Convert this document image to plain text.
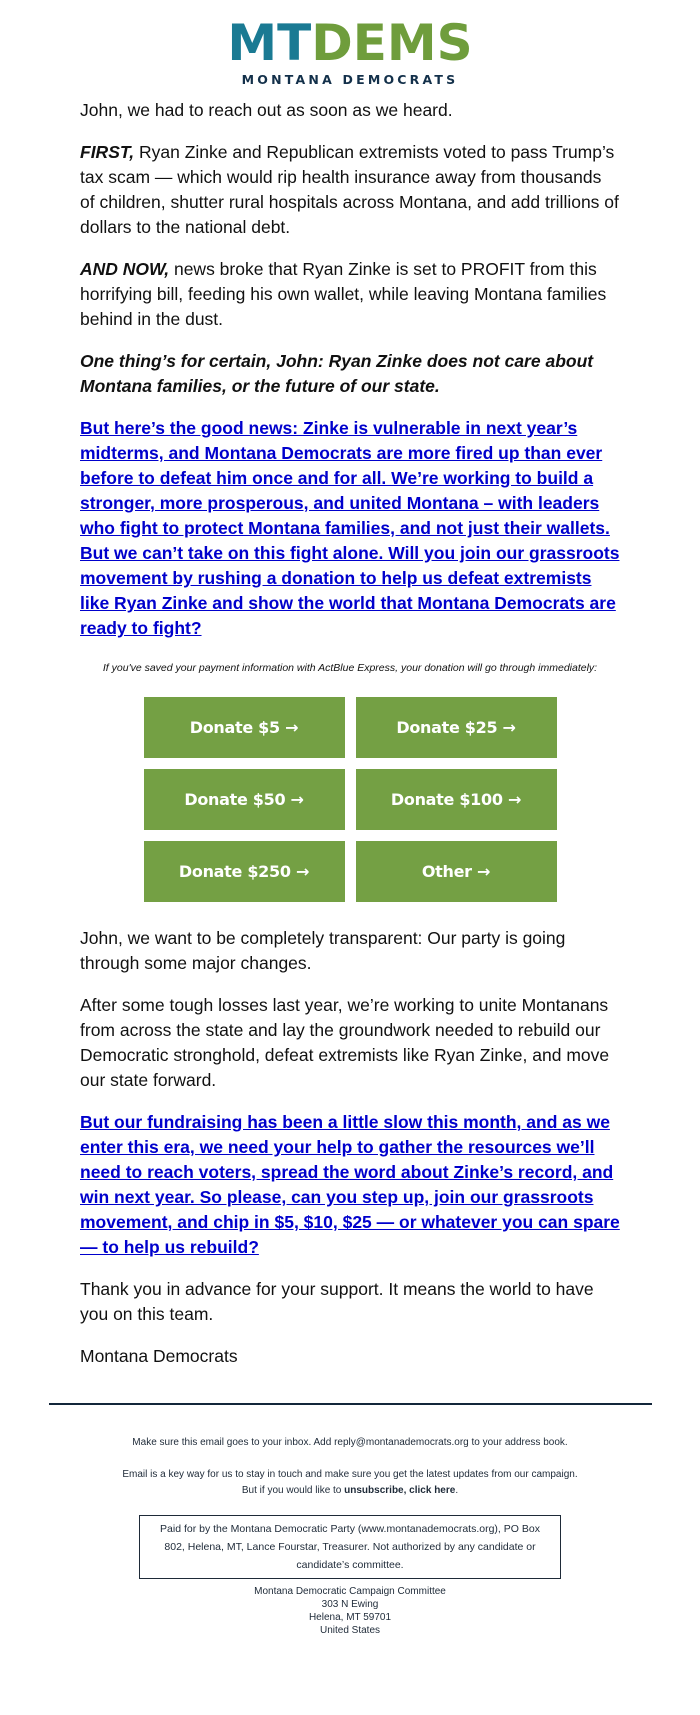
MTDEMS
MONTANA DEMOCRATS

John, we had to reach out as soon as we heard.

FIRST, Ryan Zinke and Republican extremists voted to pass Trump’s tax scam — which would rip health insurance away from thousands of children, shutter rural hospitals across Montana, and add trillions of dollars to the national debt.

AND NOW, news broke that Ryan Zinke is set to PROFIT from this horrifying bill, feeding his own wallet, while leaving Montana families behind in the dust.

One thing’s for certain, John: Ryan Zinke does not care about Montana families, or the future of our state.

But here’s the good news: Zinke is vulnerable in next year’s midterms, and Montana Democrats are more fired up than ever before to defeat him once and for all. We’re working to build a stronger, more prosperous, and united Montana – with leaders who fight to protect Montana families, and not just their wallets. But we can’t take on this fight alone. Will you join our grassroots movement by rushing a donation to help us defeat extremists like Ryan Zinke and show the world that Montana Democrats are ready to fight?

If you've saved your payment information with ActBlue Express, your donation will go through immediately:
Donate $5 →	Donate $25 →
Donate $50 →	Donate $100 →
Donate $250 →	Other →

John, we want to be completely transparent: Our party is going through some major changes.

After some tough losses last year, we’re working to unite Montanans from across the state and lay the groundwork needed to rebuild our Democratic stronghold, defeat extremists like Ryan Zinke, and move our state forward.

But our fundraising has been a little slow this month, and as we enter this era, we need your help to gather the resources we’ll need to reach voters, spread the word about Zinke’s record, and win next year. So please, can you step up, join our grassroots movement, and chip in $5, $10, $25 — or whatever you can spare — to help us rebuild?

Thank you in advance for your support. It means the world to have you on this team.

Montana Democrats

Make sure this email goes to your inbox. Add reply@montanademocrats.org to your address book.

Email is a key way for us to stay in touch and make sure you get the latest updates from our campaign.

But if you would like to unsubscribe, click here.

Paid for by the Montana Democratic Party (www.montanademocrats.org), PO Box 802, Helena, MT, Lance Fourstar, Treasurer. Not authorized by any candidate or candidate’s committee.
Montana Democratic Campaign Committee
303 N Ewing
Helena, MT 59701
United States
